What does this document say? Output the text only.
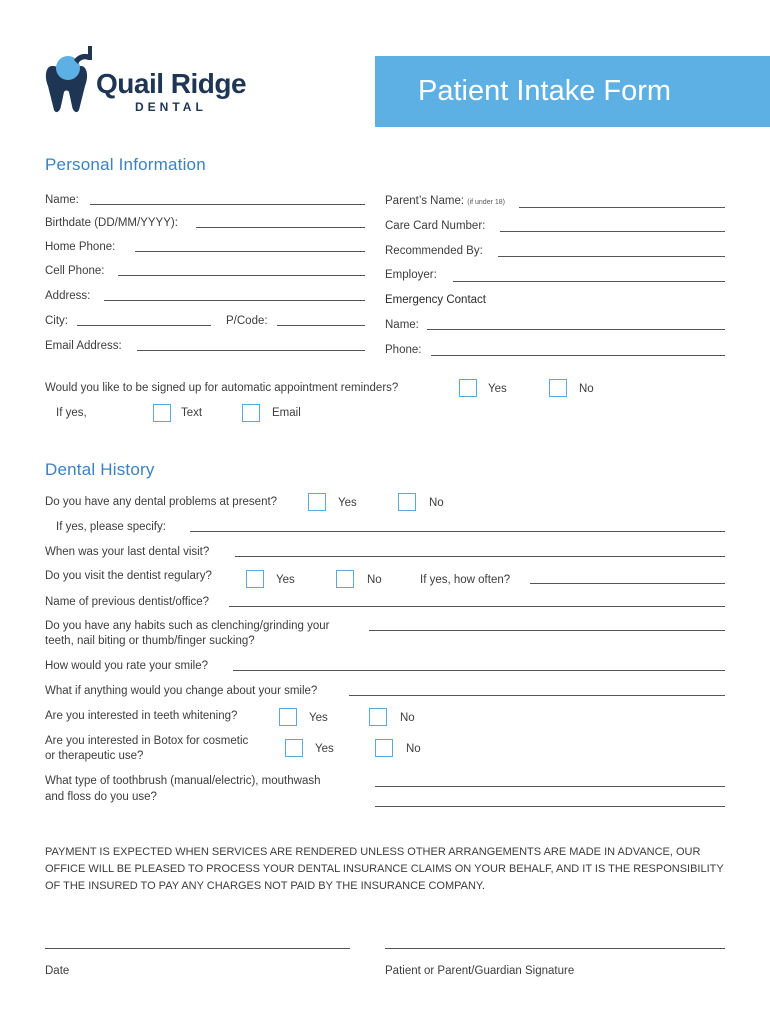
Quail Ridge
DENTAL	Patient Intake Form
Personal Information
Name:
Birthdate (DD/MM/YYYY):
Home Phone:
Cell Phone:
Address:
City:	P/Code:
Email Address:
Parent’s Name: (if under 18)
Care Card Number:
Recommended By:
Employer:
Emergency Contact
Name:
Phone:
Would you like to be signed up for automatic appointment reminders?	Yes	No
If yes,	Text	Email
Dental History
Do you have any dental problems at present?	Yes	No
If yes, please specify:
When was your last dental visit?
Do you visit the dentist regulary?	Yes	No	If yes, how often?
Name of previous dentist/office?
Do you have any habits such as clenching/grinding your
teeth, nail biting or thumb/finger sucking?
How would you rate your smile?
What if anything would you change about your smile?
Are you interested in teeth whitening?	Yes	No
Are you interested in Botox for cosmetic
or therapeutic use?
Yes	No
What type of toothbrush (manual/electric), mouthwash
and floss do you use?
PAYMENT IS EXPECTED WHEN SERVICES ARE RENDERED UNLESS OTHER ARRANGEMENTS ARE MADE IN ADVANCE, OUR OFFICE WILL BE PLEASED TO PROCESS YOUR DENTAL INSURANCE CLAIMS ON YOUR BEHALF, AND IT IS THE RESPONSIBILITY OF THE INSURED TO PAY ANY CHARGES NOT PAID BY THE INSURANCE COMPANY.
Date	Patient or Parent/Guardian Signature
